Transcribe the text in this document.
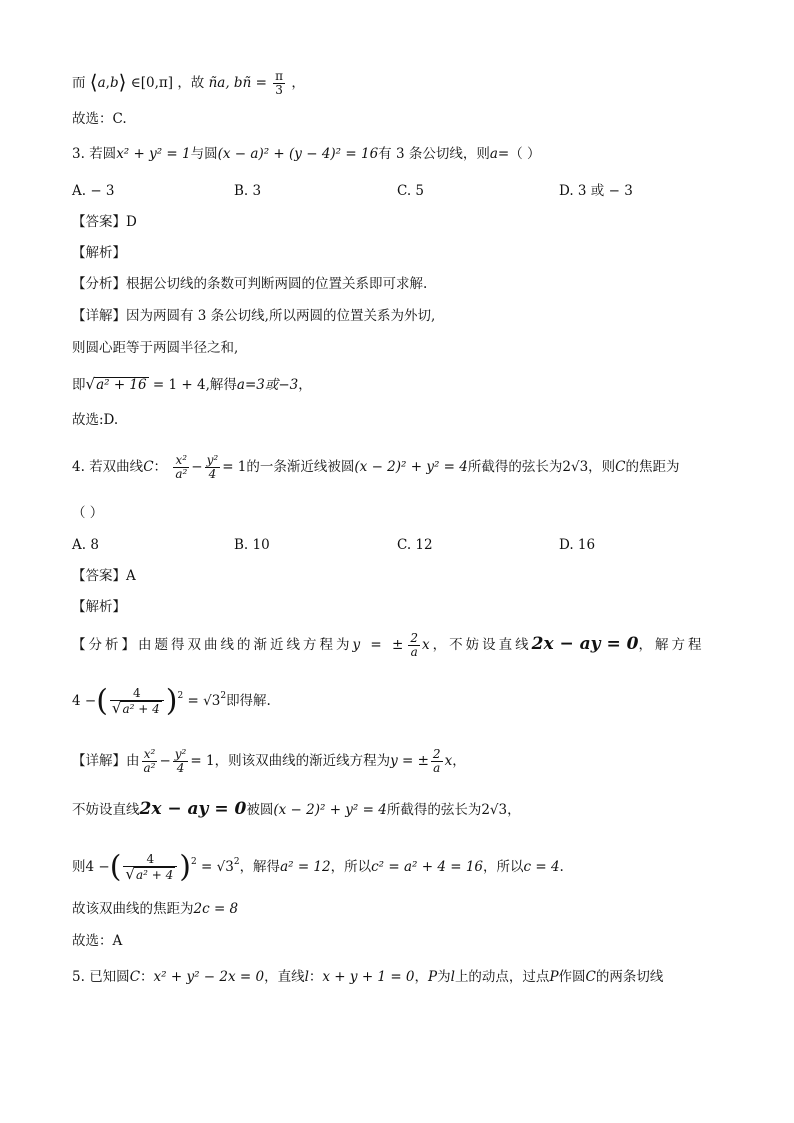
而 ⟨a,b⟩ ∈[0,π] ，故 ña, bñ = $\frac{\pi}{3}$ ，
故选：C.
3. 若圆x² + y² = 1与圆(x − a)² + (y − 4)² = 16有 3 条公切线，则a=（ ）
A. − 3	B. 3	C. 5	D. 3 或 − 3
【答案】D
【解析】
【分析】根据公切线的条数可判断两圆的位置关系即可求解.
【详解】因为两圆有 3 条公切线,所以两圆的位置关系为外切,
则圆心距等于两圆半径之和,
即√a² + 16 = 1 + 4,解得a=3或−3，
故选:D.
4. 若双曲线C： $\frac{\text{x²}}{\text{a²}} - \frac{\text{y²}}{4} = 1$的一条渐近线被圆(x − 2)² + y² = 4所截得的弦长为2√3，则C的焦距为
（ ）
A. 8	B. 10	C. 12	D. 16
【答案】A
【解析】
【分析】由题得双曲线的渐近线方程为y = ± $\frac{2}{a}$ x，不妨设直线2x − ay = 0，解方程
4 −( $\frac{4}{\text{√a² + 4}} )^2 = √3^2$即得解.
【详解】由 $\frac{\text{x²}}{\text{a²}} - \frac{\text{y²}}{4} = 1$，则该双曲线的渐近线方程为y = ± $\frac{2}{a}$ x，
不妨设直线2x − ay = 0被圆(x − 2)² + y² = 4所截得的弦长为2√3，
则4 −( $\frac{4}{\text{√a² + 4}} )^2 = √3^2$，解得a² = 12，所以c² = a² + 4 = 16，所以c = 4.
故该双曲线的焦距为2c = 8
故选：A
5. 已知圆C：x² + y² − 2x = 0，直线l：x + y + 1 = 0，P为l上的动点，过点P作圆C的两条切线
